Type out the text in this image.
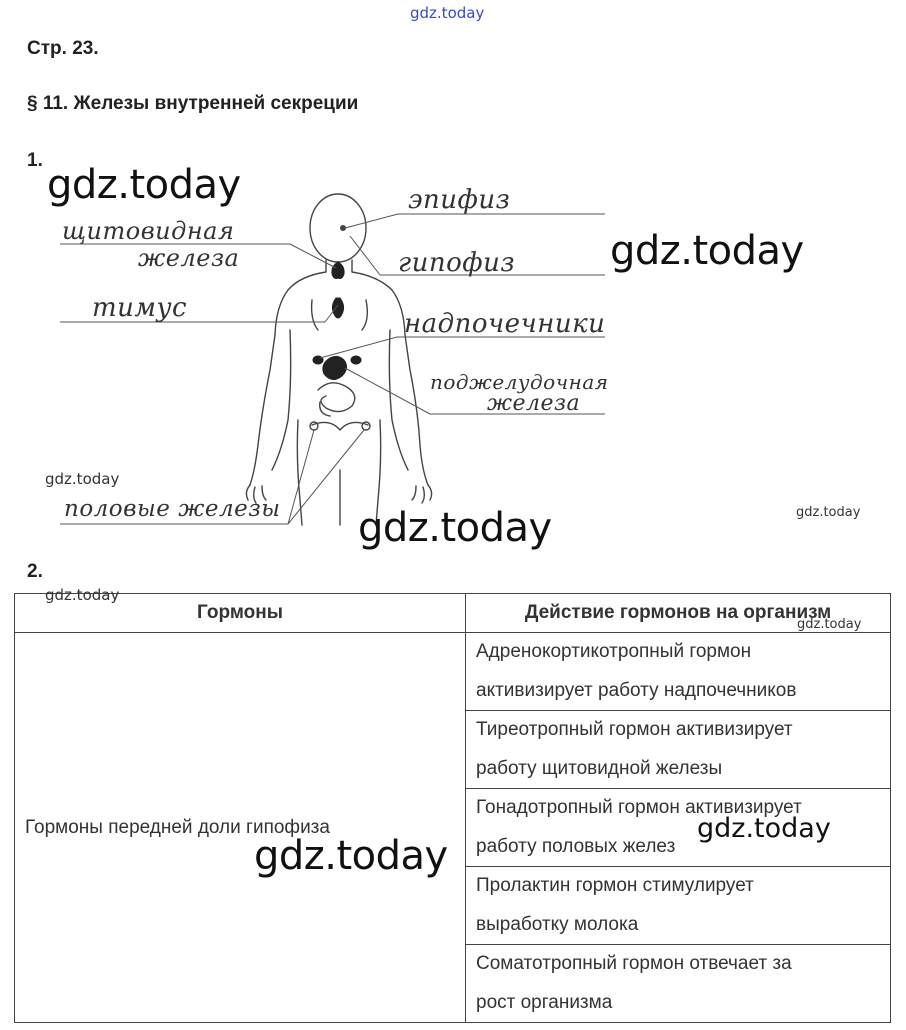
gdz.today
Стр. 23.
§ 11. Железы внутренней секреции
1.
эпифиз
щитовидная
железа	гипофиз
тимус
надпочечники
поджелудочная
железа
половые железы
gdz.today
gdz.today
gdz.today
gdz.today	gdz.today
2.
Гормоны	Действие гормонов на организм
Гормоны передней доли гипофиза	Адренокортикотропный гормон
активизирует работу надпочечников
	Тиреотропный гормон активизирует
работу щитовидной железы
	Гонадотропный гормон активизирует
работу половых желез
	Пролактин гормон стимулирует
выработку молока
	Соматотропный гормон отвечает за
рост организма
gdz.today
gdz.today
gdz.today
gdz.today
